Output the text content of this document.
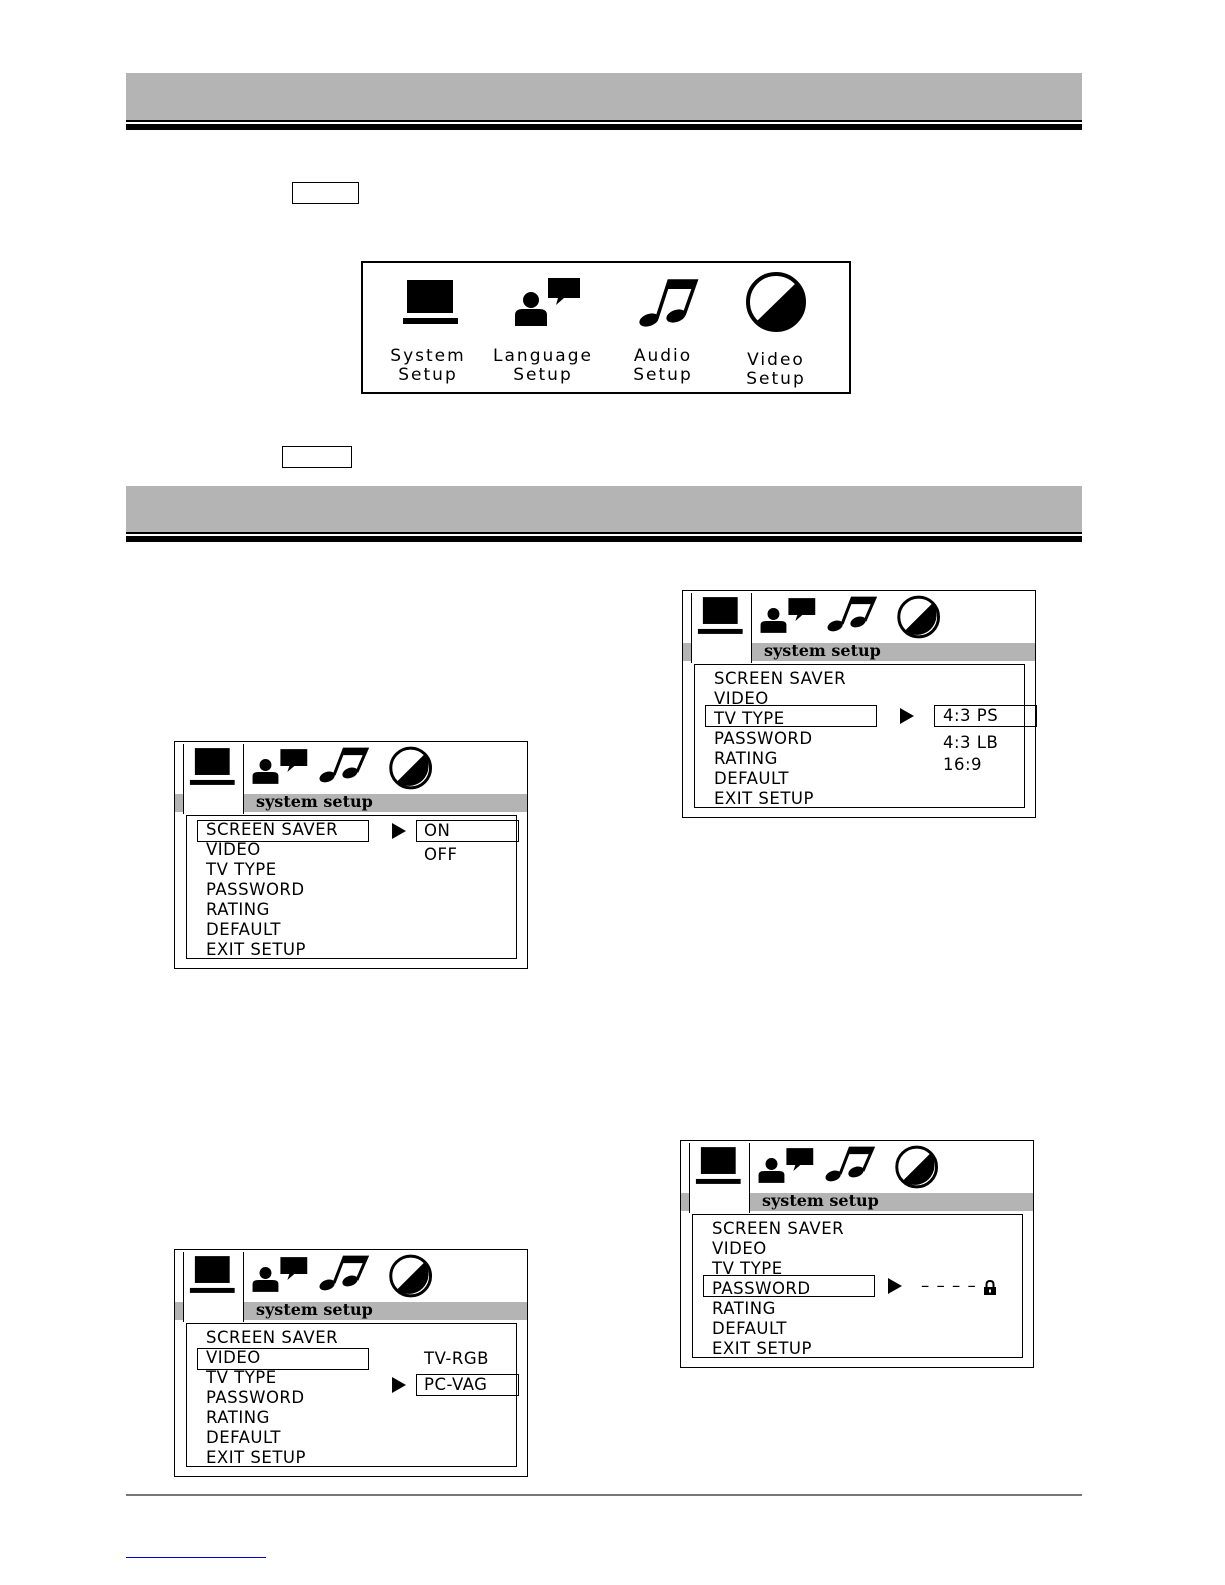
System
Setup
Language
Setup
Audio
Setup
Video
Setup
system setup
ON
OFF
SCREEN SAVER
VIDEO
TV TYPE
PASSWORD
RATING
DEFAULT
EXIT SETUP
system setup
4:3 PS
4:3 LB
16:9
SCREEN SAVER
VIDEO
TV TYPE
PASSWORD
RATING
DEFAULT
EXIT SETUP
system setup
TV-RGB
PC-VAG
SCREEN SAVER
VIDEO
TV TYPE
PASSWORD
RATING
DEFAULT
EXIT SETUP
system setup
– – – –
SCREEN SAVER
VIDEO
TV TYPE
PASSWORD
RATING
DEFAULT
EXIT SETUP
